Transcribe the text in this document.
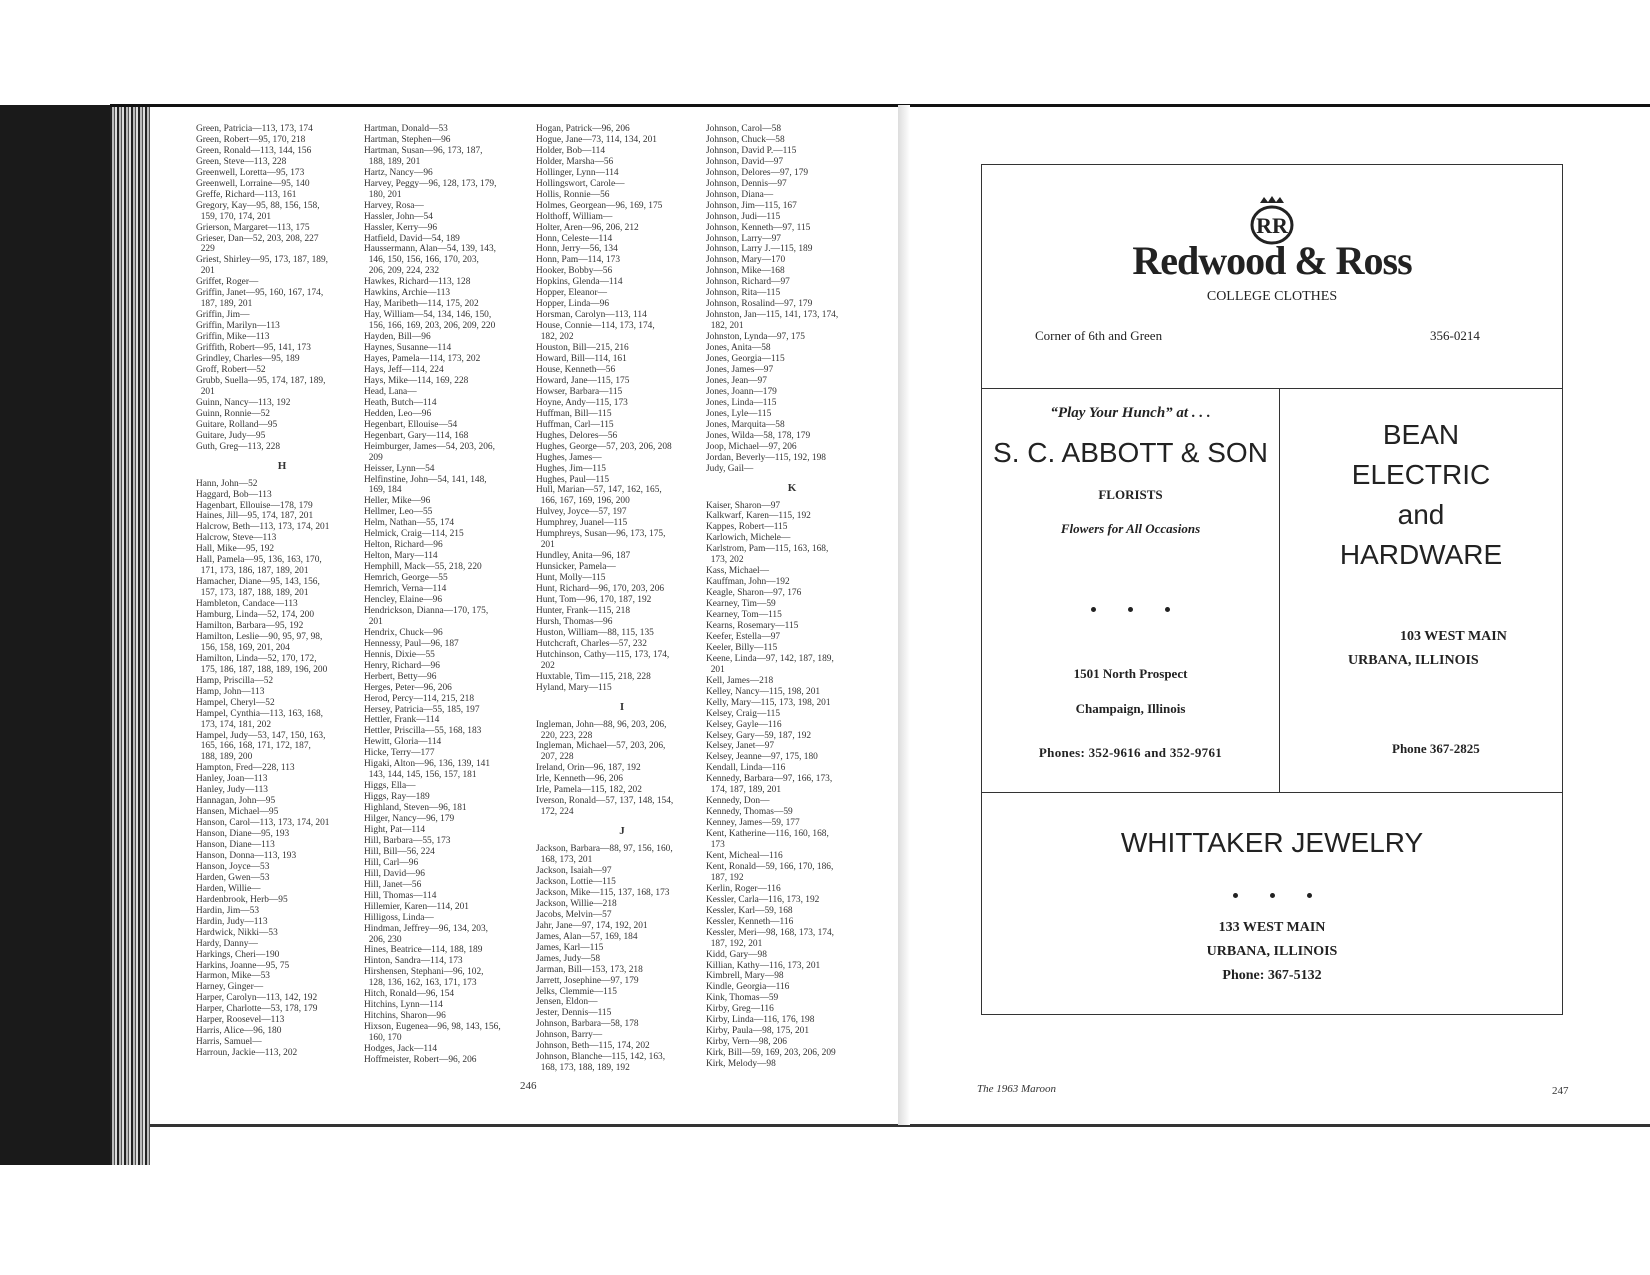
Green, Patricia—113, 173, 174
Green, Robert—95, 170, 218
Green, Ronald—113, 144, 156
Green, Steve—113, 228
Greenwell, Loretta—95, 173
Greenwell, Lorraine—95, 140
Greffe, Richard—113, 161
Gregory, Kay—95, 88, 156, 158,
159, 170, 174, 201
Grierson, Margaret—113, 175
Grieser, Dan—52, 203, 208, 227
229
Griest, Shirley—95, 173, 187, 189,
201
Griffet, Roger—
Griffin, Janet—95, 160, 167, 174,
187, 189, 201
Griffin, Jim—
Griffin, Marilyn—113
Griffin, Mike—113
Griffith, Robert—95, 141, 173
Grindley, Charles—95, 189
Groff, Robert—52
Grubb, Suella—95, 174, 187, 189,
201
Guinn, Nancy—113, 192
Guinn, Ronnie—52
Guitare, Rolland—95
Guitare, Judy—95
Guth, Greg—113, 228
H
Hann, John—52
Haggard, Bob—113
Hagenbart, Ellouise—178, 179
Haines, Jill—95, 174, 187, 201
Halcrow, Beth—113, 173, 174, 201
Halcrow, Steve—113
Hall, Mike—95, 192
Hall, Pamela—95, 136, 163, 170,
171, 173, 186, 187, 189, 201
Hamacher, Diane—95, 143, 156,
157, 173, 187, 188, 189, 201
Hambleton, Candace—113
Hamburg, Linda—52, 174, 200
Hamilton, Barbara—95, 192
Hamilton, Leslie—90, 95, 97, 98,
156, 158, 169, 201, 204
Hamilton, Linda—52, 170, 172,
175, 186, 187, 188, 189, 196, 200
Hamp, Priscilla—52
Hamp, John—113
Hampel, Cheryl—52
Hampel, Cynthia—113, 163, 168,
173, 174, 181, 202
Hampel, Judy—53, 147, 150, 163,
165, 166, 168, 171, 172, 187,
188, 189, 200
Hampton, Fred—228, 113
Hanley, Joan—113
Hanley, Judy—113
Hannagan, John—95
Hansen, Michael—95
Hanson, Carol—113, 173, 174, 201
Hanson, Diane—95, 193
Hanson, Diane—113
Hanson, Donna—113, 193
Hanson, Joyce—53
Harden, Gwen—53
Harden, Willie—
Hardenbrook, Herb—95
Hardin, Jim—53
Hardin, Judy—113
Hardwick, Nikki—53
Hardy, Danny—
Harkings, Cheri—190
Harkins, Joanne—95, 75
Harmon, Mike—53
Harney, Ginger—
Harper, Carolyn—113, 142, 192
Harper, Charlotte—53, 178, 179
Harper, Roosevel—113
Harris, Alice—96, 180
Harris, Samuel—
Harroun, Jackie—113, 202
Hartman, Donald—53
Hartman, Stephen—96
Hartman, Susan—96, 173, 187,
188, 189, 201
Hartz, Nancy—96
Harvey, Peggy—96, 128, 173, 179,
180, 201
Harvey, Rosa—
Hassler, John—54
Hassler, Kerry—96
Hatfield, David—54, 189
Haussermann, Alan—54, 139, 143,
146, 150, 156, 166, 170, 203,
206, 209, 224, 232
Hawkes, Richard—113, 128
Hawkins, Archie—113
Hay, Maribeth—114, 175, 202
Hay, William—54, 134, 146, 150,
156, 166, 169, 203, 206, 209, 220
Hayden, Bill—96
Haynes, Susanne—114
Hayes, Pamela—114, 173, 202
Hays, Jeff—114, 224
Hays, Mike—114, 169, 228
Head, Lana—
Heath, Butch—114
Hedden, Leo—96
Hegenbart, Ellouise—54
Hegenbart, Gary—114, 168
Heimburger, James—54, 203, 206,
209
Heisser, Lynn—54
Helfinstine, John—54, 141, 148,
169, 184
Heller, Mike—96
Hellmer, Leo—55
Helm, Nathan—55, 174
Helmick, Craig—114, 215
Helton, Richard—96
Helton, Mary—114
Hemphill, Mack—55, 218, 220
Hemrich, George—55
Hemrich, Verna—114
Hencley, Elaine—96
Hendrickson, Dianna—170, 175,
201
Hendrix, Chuck—96
Hennessy, Paul—96, 187
Hennis, Dixie—55
Henry, Richard—96
Herbert, Betty—96
Herges, Peter—96, 206
Herod, Percy—114, 215, 218
Hersey, Patricia—55, 185, 197
Hettler, Frank—114
Hettler, Priscilla—55, 168, 183
Hewitt, Gloria—114
Hicke, Terry—177
Higaki, Alton—96, 136, 139, 141
143, 144, 145, 156, 157, 181
Higgs, Ella—
Higgs, Ray—189
Highland, Steven—96, 181
Hilger, Nancy—96, 179
Hight, Pat—114
Hill, Barbara—55, 173
Hill, Bill—56, 224
Hill, Carl—96
Hill, David—96
Hill, Janet—56
Hill, Thomas—114
Hillemier, Karen—114, 201
Hilligoss, Linda—
Hindman, Jeffrey—96, 134, 203,
206, 230
Hines, Beatrice—114, 188, 189
Hinton, Sandra—114, 173
Hirshensen, Stephani—96, 102,
128, 136, 162, 163, 171, 173
Hitch, Ronald—96, 154
Hitchins, Lynn—114
Hitchins, Sharon—96
Hixson, Eugenea—96, 98, 143, 156,
160, 170
Hodges, Jack—114
Hoffmeister, Robert—96, 206
Hogan, Patrick—96, 206
Hogue, Jane—73, 114, 134, 201
Holder, Bob—114
Holder, Marsha—56
Hollinger, Lynn—114
Hollingswort, Carole—
Hollis, Ronnie—56
Holmes, Georgean—96, 169, 175
Holthoff, William—
Holter, Aren—96, 206, 212
Honn, Celeste—114
Honn, Jerry—56, 134
Honn, Pam—114, 173
Hooker, Bobby—56
Hopkins, Glenda—114
Hopper, Eleanor—
Hopper, Linda—96
Horsman, Carolyn—113, 114
House, Connie—114, 173, 174,
182, 202
Houston, Bill—215, 216
Howard, Bill—114, 161
House, Kenneth—56
Howard, Jane—115, 175
Howser, Barbara—115
Hoyne, Andy—115, 173
Huffman, Bill—115
Huffman, Carl—115
Hughes, Delores—56
Hughes, George—57, 203, 206, 208
Hughes, James—
Hughes, Jim—115
Hughes, Paul—115
Hull, Marian—57, 147, 162, 165,
166, 167, 169, 196, 200
Hulvey, Joyce—57, 197
Humphrey, Juanel—115
Humphreys, Susan—96, 173, 175,
201
Hundley, Anita—96, 187
Hunsicker, Pamela—
Hunt, Molly—115
Hunt, Richard—96, 170, 203, 206
Hunt, Tom—96, 170, 187, 192
Hunter, Frank—115, 218
Hursh, Thomas—96
Huston, William—88, 115, 135
Hutchcraft, Charles—57, 232
Hutchinson, Cathy—115, 173, 174,
202
Huxtable, Tim—115, 218, 228
Hyland, Mary—115
I
Ingleman, John—88, 96, 203, 206,
220, 223, 228
Ingleman, Michael—57, 203, 206,
207, 228
Ireland, Orin—96, 187, 192
Irle, Kenneth—96, 206
Irle, Pamela—115, 182, 202
Iverson, Ronald—57, 137, 148, 154,
172, 224
J
Jackson, Barbara—88, 97, 156, 160,
168, 173, 201
Jackson, Isaiah—97
Jackson, Lottie—115
Jackson, Mike—115, 137, 168, 173
Jackson, Willie—218
Jacobs, Melvin—57
Jahr, Jane—97, 174, 192, 201
James, Alan—57, 169, 184
James, Karl—115
James, Judy—58
Jarman, Bill—153, 173, 218
Jarrett, Josephine—97, 179
Jelks, Clemmie—115
Jensen, Eldon—
Jester, Dennis—115
Johnson, Barbara—58, 178
Johnson, Barry—
Johnson, Beth—115, 174, 202
Johnson, Blanche—115, 142, 163,
168, 173, 188, 189, 192
Johnson, Carol—58
Johnson, Chuck—58
Johnson, David P.—115
Johnson, David—97
Johnson, Delores—97, 179
Johnson, Dennis—97
Johnson, Diana—
Johnson, Jim—115, 167
Johnson, Judi—115
Johnson, Kenneth—97, 115
Johnson, Larry—97
Johnson, Larry J.—115, 189
Johnson, Mary—170
Johnson, Mike—168
Johnson, Richard—97
Johnson, Rita—115
Johnson, Rosalind—97, 179
Johnston, Jan—115, 141, 173, 174,
182, 201
Johnston, Lynda—97, 175
Jones, Anita—58
Jones, Georgia—115
Jones, James—97
Jones, Jean—97
Jones, Joann—179
Jones, Linda—115
Jones, Lyle—115
Jones, Marquita—58
Jones, Wilda—58, 178, 179
Joop, Michael—97, 206
Jordan, Beverly—115, 192, 198
Judy, Gail—
K
Kaiser, Sharon—97
Kalkwarf, Karen—115, 192
Kappes, Robert—115
Karlowich, Michele—
Karlstrom, Pam—115, 163, 168,
173, 202
Kass, Michael—
Kauffman, John—192
Keagle, Sharon—97, 176
Kearney, Tim—59
Kearney, Tom—115
Kearns, Rosemary—115
Keefer, Estella—97
Keeler, Billy—115
Keene, Linda—97, 142, 187, 189,
201
Kell, James—218
Kelley, Nancy—115, 198, 201
Kelly, Mary—115, 173, 198, 201
Kelsey, Craig—115
Kelsey, Gayle—116
Kelsey, Gary—59, 187, 192
Kelsey, Janet—97
Kelsey, Jeanne—97, 175, 180
Kendall, Linda—116
Kennedy, Barbara—97, 166, 173,
174, 187, 189, 201
Kennedy, Don—
Kennedy, Thomas—59
Kenney, James—59, 177
Kent, Katherine—116, 160, 168,
173
Kent, Micheal—116
Kent, Ronald—59, 166, 170, 186,
187, 192
Kerlin, Roger—116
Kessler, Carla—116, 173, 192
Kessler, Karl—59, 168
Kessler, Kenneth—116
Kessler, Meri—98, 168, 173, 174,
187, 192, 201
Kidd, Gary—98
Killian, Kathy—116, 173, 201
Kimbrell, Mary—98
Kindle, Georgia—116
Kink, Thomas—59
Kirby, Greg—116
Kirby, Linda—116, 176, 198
Kirby, Paula—98, 175, 201
Kirby, Vern—98, 206
Kirk, Bill—59, 169, 203, 206, 209
Kirk, Melody—98
246	The 1963 Maroon	247
RR
Redwood & Ross
COLLEGE CLOTHES
Corner of 6th and Green	356-0214
“Play Your Hunch” at . . .
S. C. ABBOTT & SON
FLORISTS
Flowers for All Occasions
1501 North Prospect
Champaign, Illinois
Phones: 352-9616 and 352-9761
BEAN
ELECTRIC
and
HARDWARE
103 WEST MAIN
URBANA, ILLINOIS
Phone 367-2825
WHITTAKER JEWELRY
133 WEST MAIN
URBANA, ILLINOIS
Phone: 367-5132
